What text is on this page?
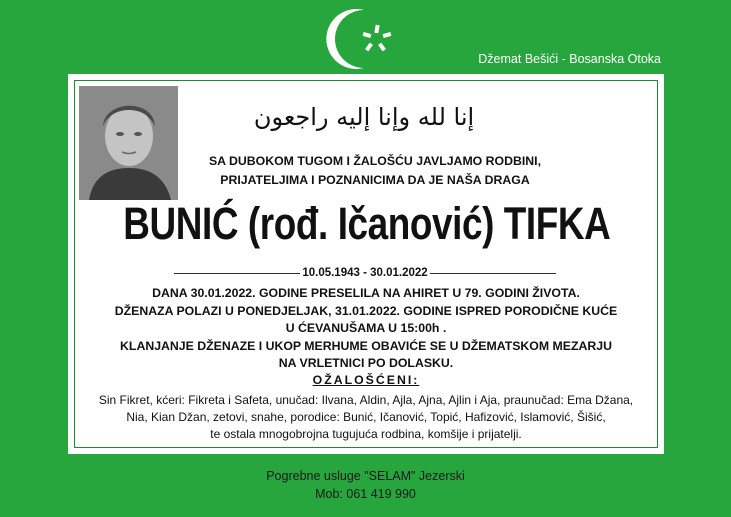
Džemat Bešići - Bosanska Otoka
إنا لله وإنا إليه راجعون
SA DUBOKOM TUGOM I ŽALOŠĆU JAVLJAMO RODBINI,
PRIJATELJIMA I POZNANICIMA DA JE NAŠA DRAGA
BUNIĆ (rođ. Ičanović) TIFKA
10.05.1943 - 30.01.2022
DANA 30.01.2022. GODINE PRESELILA NA AHIRET U 79. GODINI ŽIVOTA.
DŽENAZA POLAZI U PONEDJELJAK, 31.01.2022. GODINE ISPRED PORODIČNE KUĆE
U ĆEVANUŠAMA U 15:00h .
KLANJANJE DŽENAZE I UKOP MERHUME OBAVIĆE SE U DŽEMATSKOM MEZARJU
NA VRLETNICI PO DOLASKU.
OŽALOŠĆENI:
Sin Fikret, kćeri: Fikreta i Safeta, unučad: Ilvana, Aldin, Ajla, Ajna, Ajlin i Aja, praunučad: Ema Džana,
Nia, Kian Džan, zetovi, snahe, porodice: Bunić, Ičanović, Topić, Hafizović, Islamović, Šišić,
te ostala mnogobrojna tugujuća rodbina, komšije i prijatelji.
Pogrebne usluge "SELAM" Jezerski
Mob: 061 419 990
